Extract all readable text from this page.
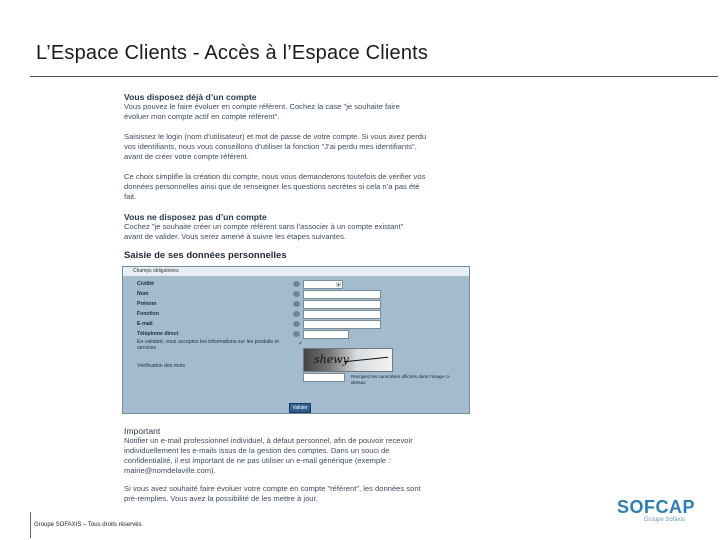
L’Espace Clients - Accès à l’Espace Clients
Vous disposez déjà d’un compte
Vous pouvez le faire évoluer en compte référent. Cochez la case "je souhaite faire
évoluer mon compte actif en compte référent".
Saisissez le login (nom d’utilisateur) et mot de passe de votre compte. Si vous avez perdu
vos identifiants, nous vous conseillons d’utiliser la fonction "J’ai perdu mes identifiants",
avant de créer votre compte référent.
Ce choix simplifie la création du compte, nous vous demanderons toutefois de vérifier vos
données personnelles ainsi que de renseigner les questions secrètes si cela n’a pas été
fait.
Vous ne disposez pas d’un compte
Cochez "je souhaite créer un compte référent sans l’associer à un compte existant"
avant de valider. Vous serez amené à suivre les étapes suivantes.
Saisie de ses données personnelles
Champs obligatoires
Civilité	▾
Nom
Prénom
Fonction
E-mail
Téléphone direct
En validant, vous acceptez les informations sur les produits et services
✓
shewy
Vérification des mots
Recopiez les caractères affichés dans l’image ci-dessus
Valider
Important
Notifier un e-mail professionnel individuel, à défaut personnel, afin de pouvoir recevoir
individuellement les e-mails issus de la gestion des comptes. Dans un souci de
confidentialité, il est important de ne pas utiliser un e-mail générique (exemple :
mairie@nomdelaville.com).
Si vous avez souhaité faire évoluer votre compte en compte "référent", les données sont
pré-remplies. Vous avez la possibilité de les mettre à jour.
Groupe SOFAXIS – Tous droits réservés
SOFCAP
Groupe Sofaxis
